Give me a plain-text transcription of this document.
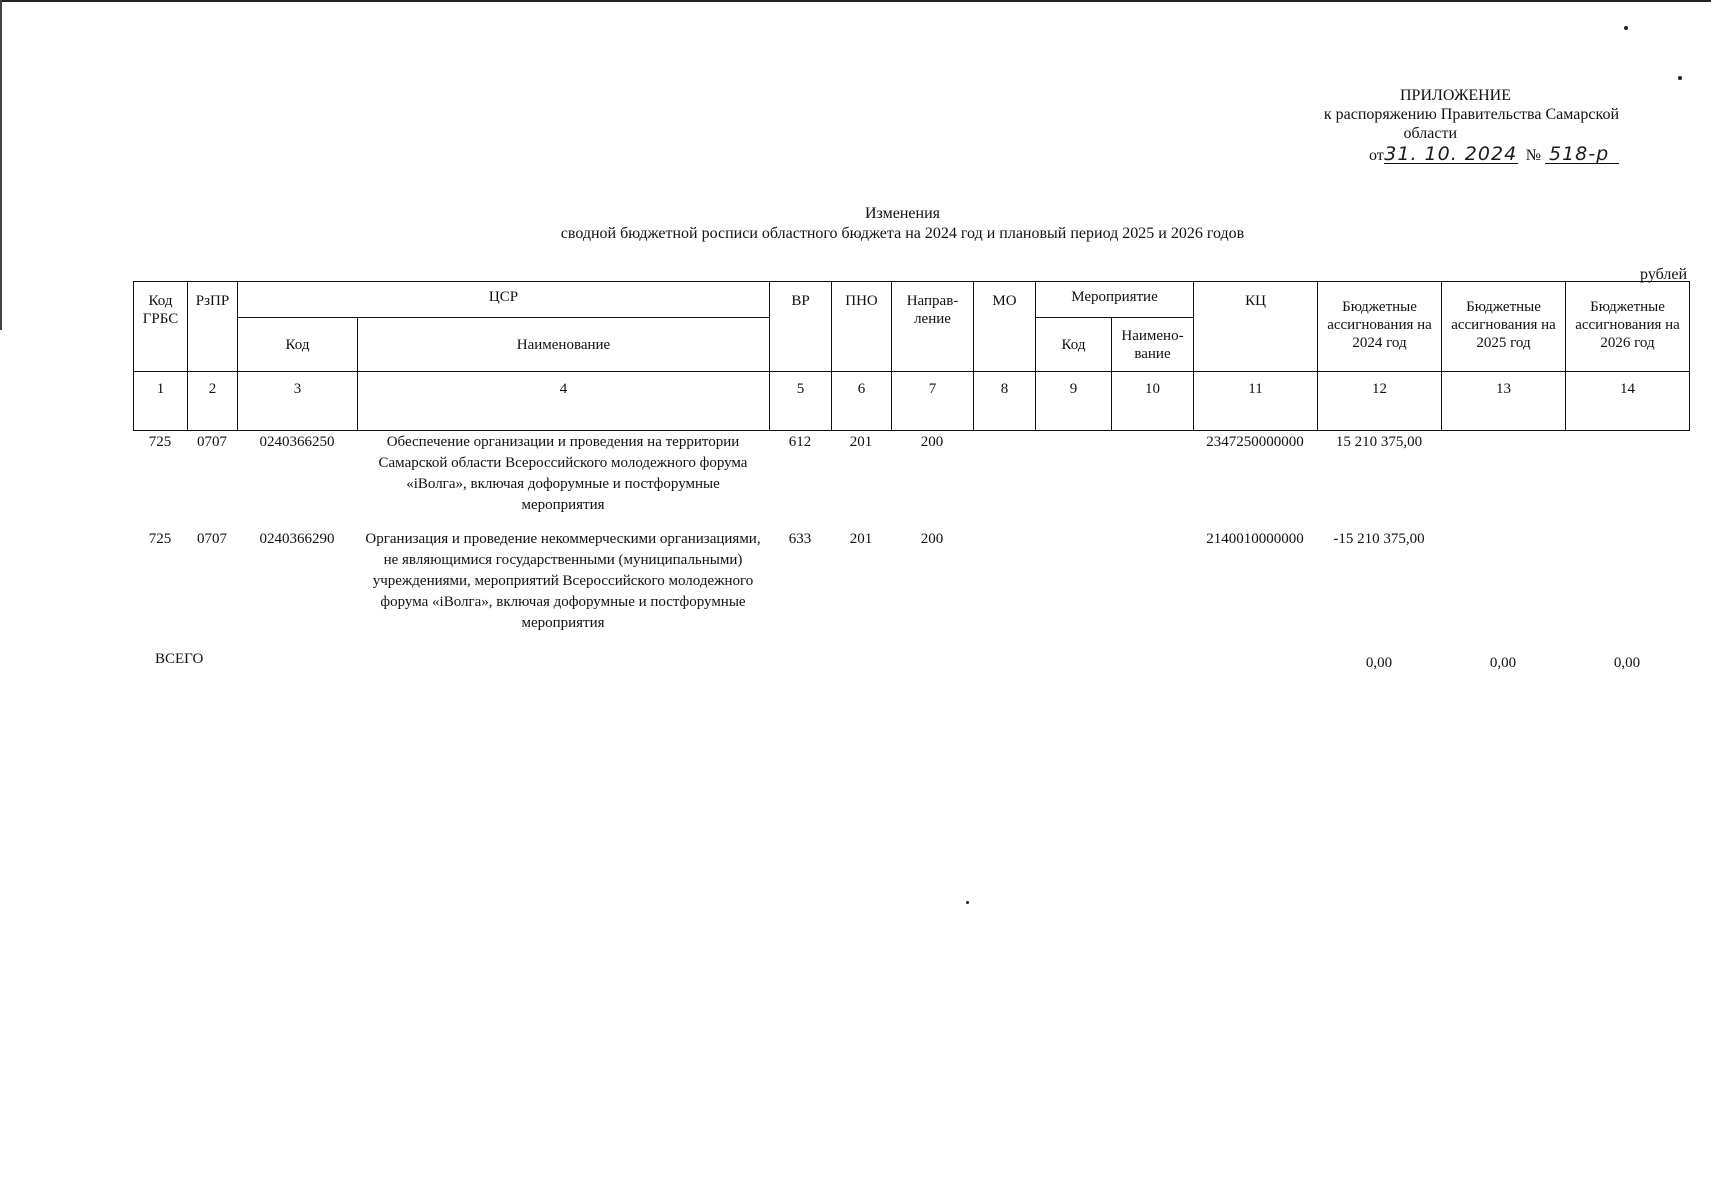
ПРИЛОЖЕНИЕ
к распоряжению Правительства Самарской
области
от31. 10. 2024 № 518-р
Изменения
сводной бюджетной росписи областного бюджета на 2024 год и плановый период 2025 и 2026 годов
рублей
Код ГРБС	РзПР	ЦСР		ВР	ПНО	Направ-ление	МО	Мероприятие		КЦ	Бюджетные ассигнования на 2024 год	Бюджетные ассигнования на 2025 год	Бюджетные ассигнования на 2026 год
		Код	Наименование					Код	Наимено-вание				
1	2	3	4	5	6	7	8	9	10	11	12	13	14
725	0707	0240366250	Обеспечение организации и проведения на территории Самарской области Всероссийского молодежного форума «iВолга», включая дофорумные и постфорумные мероприятия	612	201	200				2347250000000	15 210 375,00		
725	0707	0240366290	Организация и проведение некоммерческими организациями, не являющимися государственными (муниципальными) учреждениями, мероприятий Всероссийского молодежного форума «iВолга», включая дофорумные и постфорумные мероприятия	633	201	200				2140010000000	-15 210 375,00		
ВСЕГО											0,00	0,00	0,00
